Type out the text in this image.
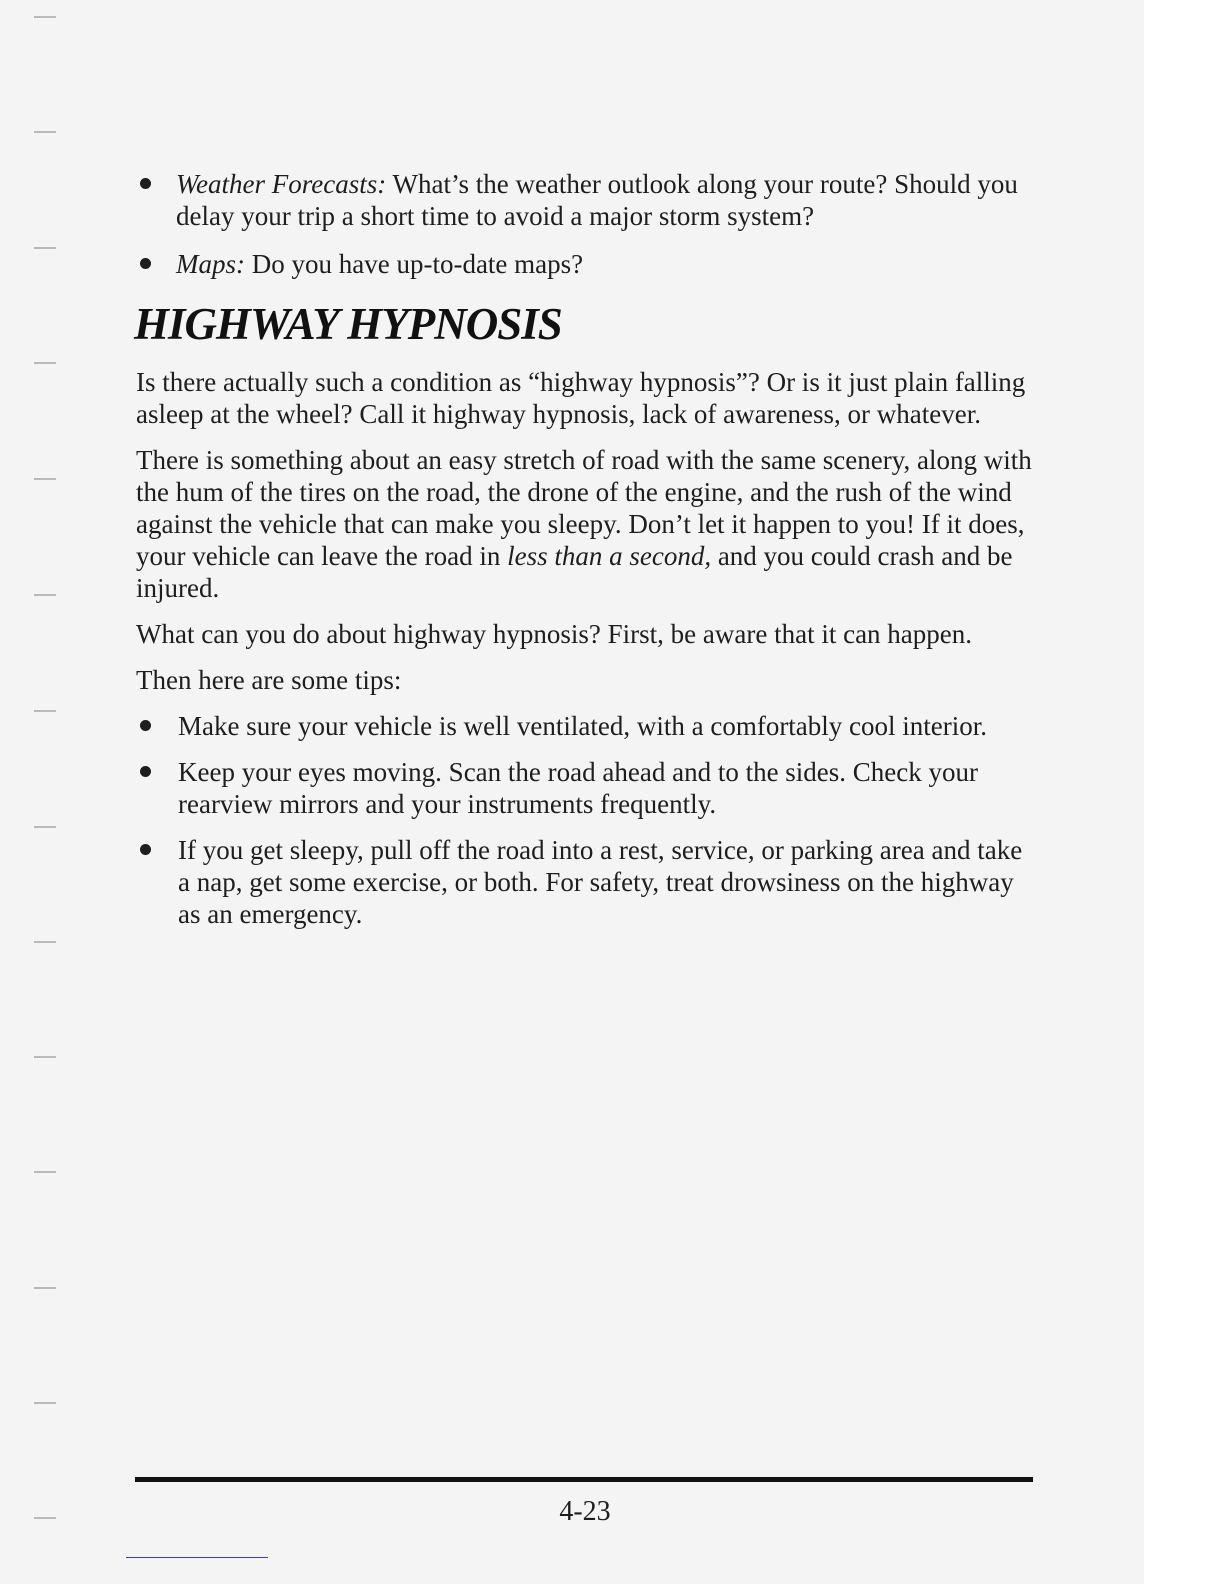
Weather Forecasts: What’s the weather outlook along your route? Should you delay your trip a short time to avoid a major storm system?
Maps: Do you have up-to-date maps?
HIGHWAY HYPNOSIS

Is there actually such a condition as “highway hypnosis”? Or is it just plain falling asleep at the wheel? Call it highway hypnosis, lack of awareness, or whatever.

There is something about an easy stretch of road with the same scenery, along with the hum of the tires on the road, the drone of the engine, and the rush of the wind against the vehicle that can make you sleepy. Don’t let it happen to you! If it does, your vehicle can leave the road in less than a second, and you could crash and be injured.

What can you do about highway hypnosis? First, be aware that it can happen.

Then here are some tips:

Make sure your vehicle is well ventilated, with a comfortably cool interior.
Keep your eyes moving. Scan the road ahead and to the sides. Check your rearview mirrors and your instruments frequently.
If you get sleepy, pull off the road into a rest, service, or parking area and take a nap, get some exercise, or both. For safety, treat drowsiness on the highway as an emergency.
4-23
